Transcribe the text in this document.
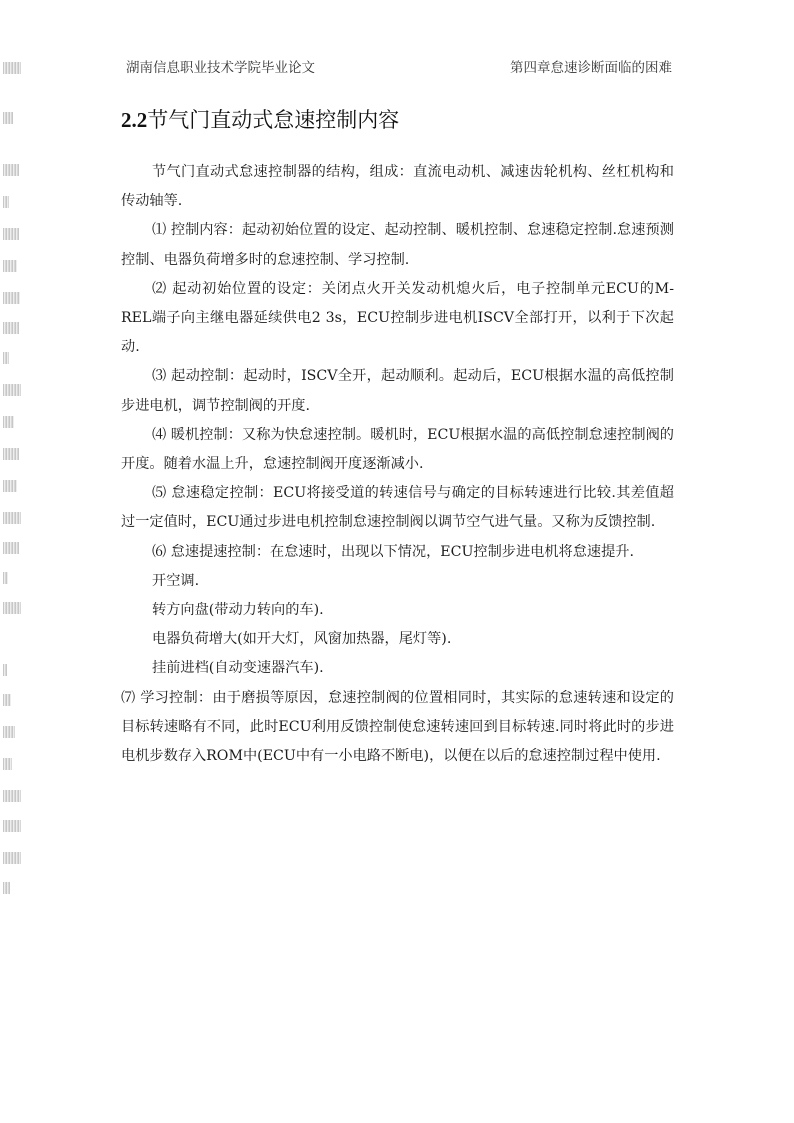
湖南信息职业技术学院毕业论文	第四章怠速诊断面临的困难
2.2节气门直动式怠速控制内容

节气门直动式怠速控制器的结构，组成：直流电动机、减速齿轮机构、丝杠机构和传动轴等.

⑴ 控制内容：起动初始位置的设定、起动控制、暖机控制、怠速稳定控制.怠速预测控制、电器负荷增多时的怠速控制、学习控制.

⑵ 起动初始位置的设定：关闭点火开关发动机熄火后，电子控制单元ECU的M-REL端子向主继电器延续供电2 3s，ECU控制步进电机ISCV全部打开，以利于下次起动.

⑶ 起动控制：起动时，ISCV全开，起动顺利。起动后，ECU根据水温的高低控制步进电机，调节控制阀的开度.

⑷ 暖机控制：又称为快怠速控制。暖机时，ECU根据水温的高低控制怠速控制阀的开度。随着水温上升，怠速控制阀开度逐渐减小.

⑸ 怠速稳定控制：ECU将接受道的转速信号与确定的目标转速进行比较.其差值超过一定值时，ECU通过步进电机控制怠速控制阀以调节空气进气量。又称为反馈控制.

⑹ 怠速提速控制：在怠速时，出现以下情况，ECU控制步进电机将怠速提升.

开空调.

转方向盘(带动力转向的车).

电器负荷增大(如开大灯，风窗加热器，尾灯等).

挂前进档(自动变速器汽车).

⑺ 学习控制：由于磨损等原因，怠速控制阀的位置相同时，其实际的怠速转速和设定的目标转速略有不同，此时ECU利用反馈控制使怠速转速回到目标转速.同时将此时的步进电机步数存入ROM中(ECU中有一小电路不断电)，以便在以后的怠速控制过程中使用.
